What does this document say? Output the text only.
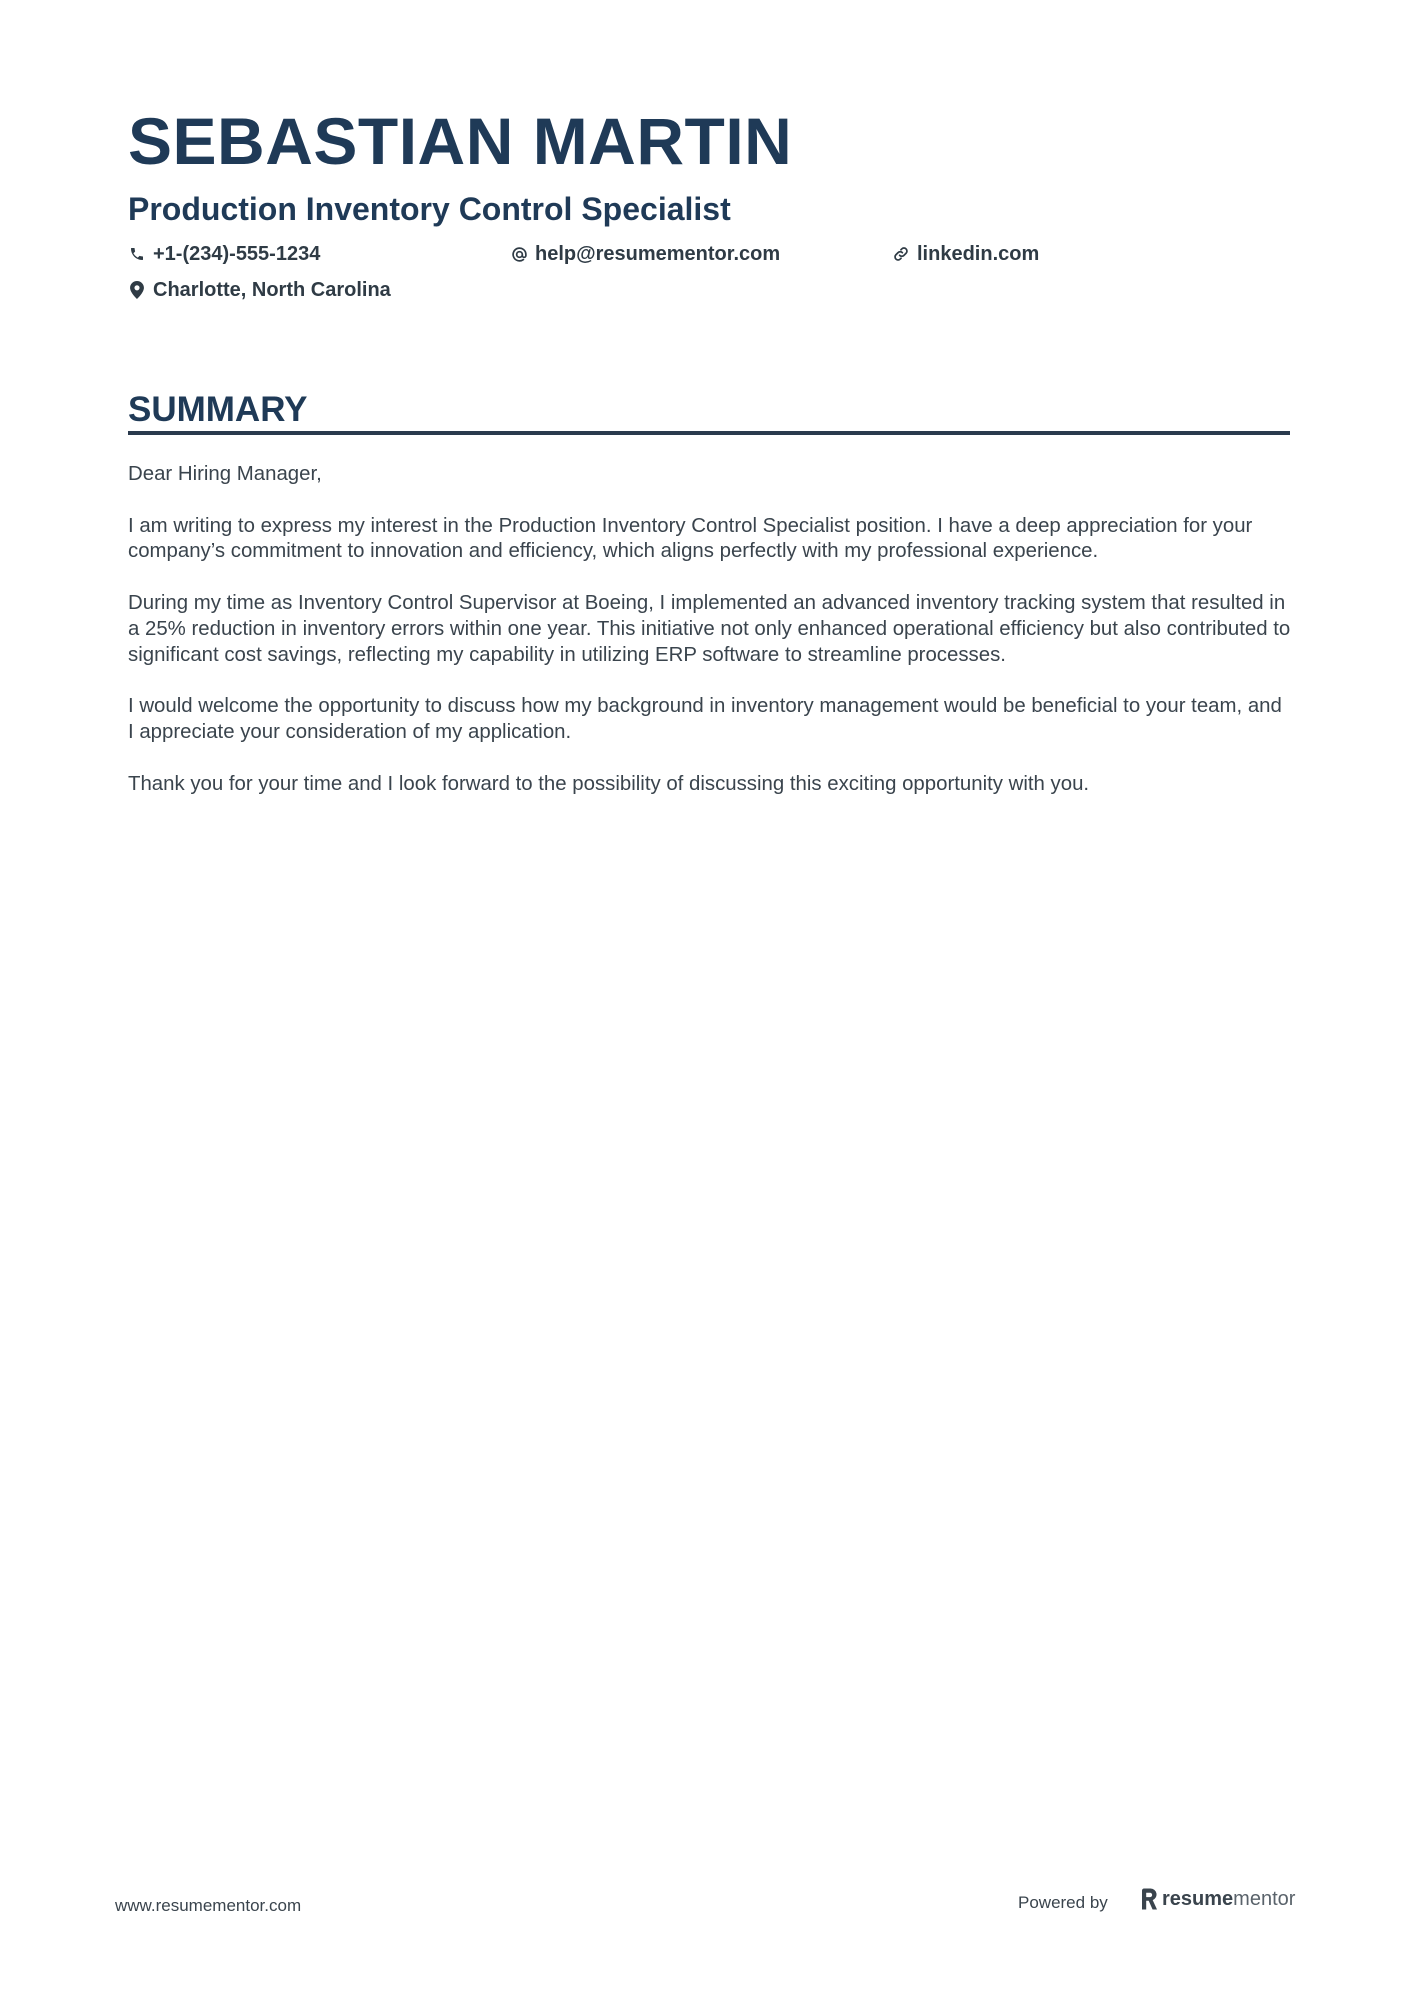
SEBASTIAN MARTIN
Production Inventory Control Specialist
+1-(234)-555-1234	help@resumementor.com	linkedin.com
Charlotte, North Carolina
SUMMARY

Dear Hiring Manager,

I am writing to express my interest in the Production Inventory Control Specialist position. I have a deep appreciation for your company’s commitment to innovation and efficiency, which aligns perfectly with my professional experience.

During my time as Inventory Control Supervisor at Boeing, I implemented an advanced inventory tracking system that resulted in a 25% reduction in inventory errors within one year. This initiative not only enhanced operational efficiency but also contributed to significant cost savings, reflecting my capability in utilizing ERP software to streamline processes.

I would welcome the opportunity to discuss how my background in inventory management would be beneficial to your team, and I appreciate your consideration of my application.

Thank you for your time and I look forward to the possibility of discussing this exciting opportunity with you.

www.resumementor.com	Powered by	resumementor
